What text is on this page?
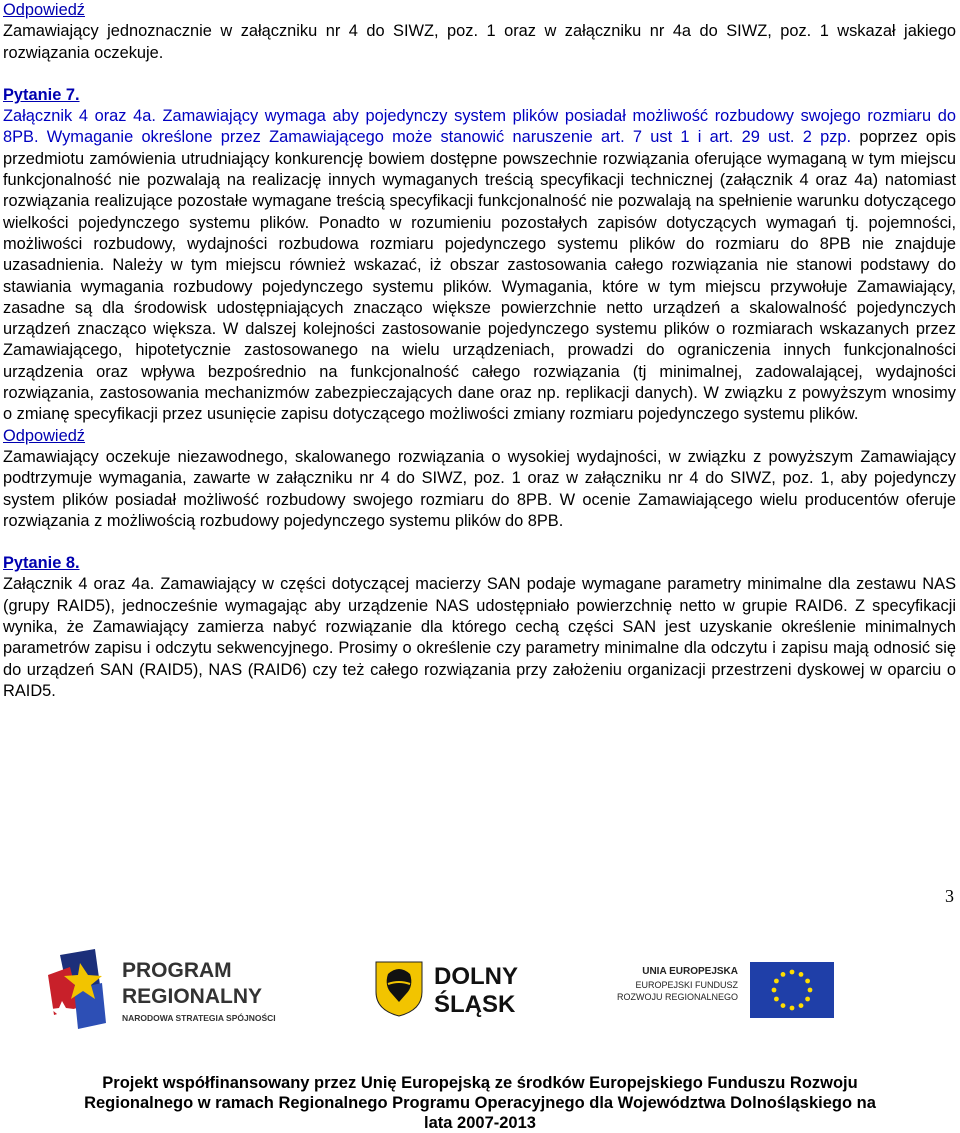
Odpowiedź

Zamawiający jednoznacznie w załączniku nr 4 do SIWZ, poz. 1 oraz w załączniku nr 4a do SIWZ, poz. 1 wskazał jakiego rozwiązania oczekuje.

Pytanie 7.

Załącznik 4 oraz 4a. Zamawiający wymaga aby pojedynczy system plików posiadał możliwość rozbudowy swojego rozmiaru do 8PB. Wymaganie określone przez Zamawiającego może stanowić naruszenie art. 7 ust 1 i art. 29 ust. 2 pzp. poprzez opis przedmiotu zamówienia utrudniający konkurencję bowiem dostępne powszechnie rozwiązania oferujące wymaganą w tym miejscu funkcjonalność nie pozwalają na realizację innych wymaganych treścią specyfikacji technicznej (załącznik 4 oraz 4a) natomiast rozwiązania realizujące pozostałe wymagane treścią specyfikacji funkcjonalność nie pozwalają na spełnienie warunku dotyczącego wielkości pojedynczego systemu plików. Ponadto w rozumieniu pozostałych zapisów dotyczących wymagań tj. pojemności, możliwości rozbudowy, wydajności rozbudowa rozmiaru pojedynczego systemu plików do rozmiaru do 8PB nie znajduje uzasadnienia. Należy w tym miejscu również wskazać, iż obszar zastosowania całego rozwiązania nie stanowi podstawy do stawiania wymagania rozbudowy pojedynczego systemu plików. Wymagania, które w tym miejscu przywołuje Zamawiający, zasadne są dla środowisk udostępniających znacząco większe powierzchnie netto urządzeń a skalowalność pojedynczych urządzeń znacząco większa. W dalszej kolejności zastosowanie pojedynczego systemu plików o rozmiarach wskazanych przez Zamawiającego, hipotetycznie zastosowanego na wielu urządzeniach, prowadzi do ograniczenia innych funkcjonalności urządzenia oraz wpływa bezpośrednio na funkcjonalność całego rozwiązania (tj minimalnej, zadowalającej, wydajności rozwiązania, zastosowania mechanizmów zabezpieczających dane oraz np. replikacji danych). W związku z powyższym wnosimy o zmianę specyfikacji przez usunięcie zapisu dotyczącego możliwości zmiany rozmiaru pojedynczego systemu plików.

Odpowiedź

Zamawiający oczekuje niezawodnego, skalowanego rozwiązania o wysokiej wydajności, w związku z powyższym Zamawiający podtrzymuje wymagania, zawarte w załączniku nr 4 do SIWZ, poz. 1 oraz w załączniku nr 4 do SIWZ, poz. 1, aby pojedynczy system plików posiadał możliwość rozbudowy swojego rozmiaru do 8PB. W ocenie Zamawiającego wielu producentów oferuje rozwiązania z możliwością rozbudowy pojedynczego systemu plików do 8PB.

Pytanie 8.

Załącznik 4 oraz 4a. Zamawiający w części dotyczącej macierzy SAN podaje wymagane parametry minimalne dla zestawu NAS (grupy RAID5), jednocześnie wymagając aby urządzenie NAS udostępniało powierzchnię netto w grupie RAID6. Z specyfikacji wynika, że Zamawiający zamierza nabyć rozwiązanie dla którego cechą części SAN jest uzyskanie określenie minimalnych parametrów zapisu i odczytu sekwencyjnego. Prosimy o określenie czy parametry minimalne dla odczytu i zapisu mają odnosić się do urządzeń SAN (RAID5), NAS (RAID6) czy też całego rozwiązania przy założeniu organizacji przestrzeni dyskowej w oparciu o RAID5.

3
PROGRAM
REGIONALNY
NARODOWA STRATEGIA SPÓJNOŚCI
DOLNY
ŚLĄSK
UNIA EUROPEJSKA
EUROPEJSKI FUNDUSZ
ROZWOJU REGIONALNEGO
Projekt współfinansowany przez Unię Europejską ze środków Europejskiego Funduszu Rozwoju
Regionalnego w ramach Regionalnego Programu Operacyjnego dla Województwa Dolnośląskiego na
lata 2007-2013
